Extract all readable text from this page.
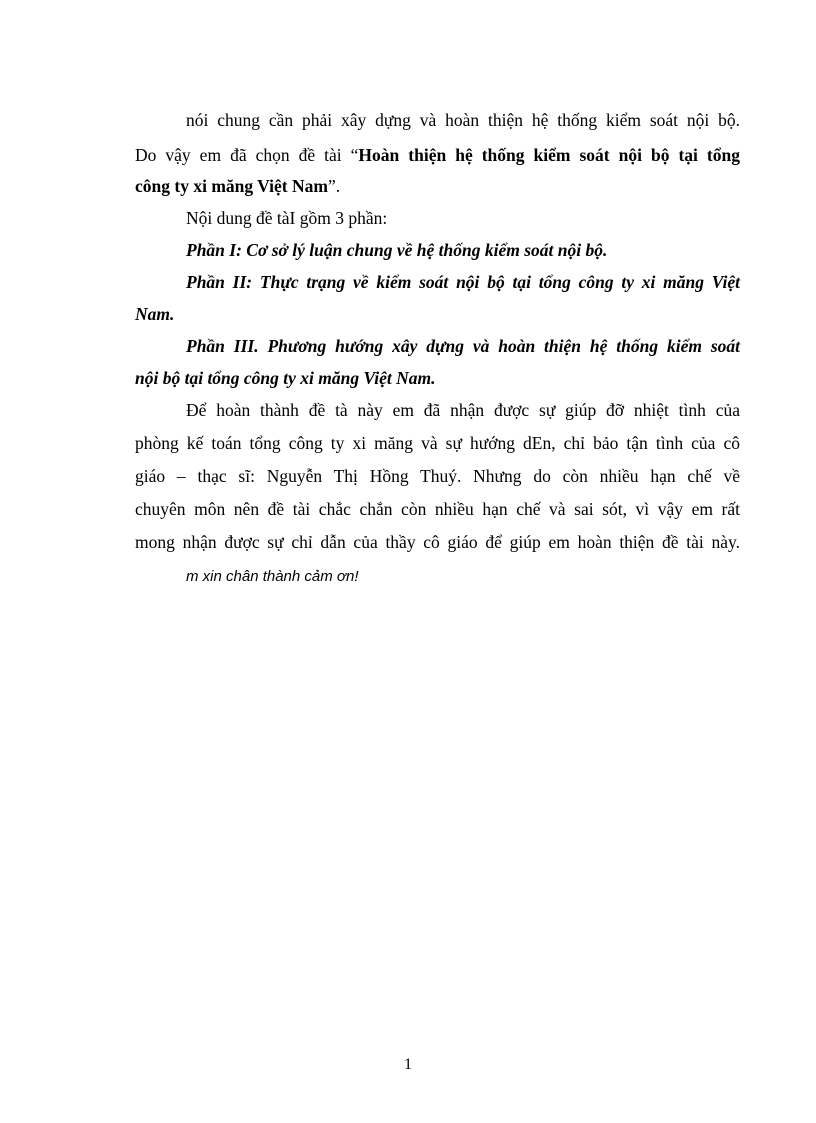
nói chung cần phải xây dựng và hoàn thiện hệ thống kiểm soát nội bộ.
Do vậy em đã chọn đề tài “Hoàn thiện hệ thống kiểm soát nội bộ tại tổng
công ty xi măng Việt Nam”.
Nội dung đề tàI gồm 3 phần:
Phần I: Cơ sở lý luận chung về hệ thống kiểm soát nội bộ.
Phần II: Thực trạng về kiểm soát nội bộ tại tổng công ty xi măng Việt
Nam.
Phần III. Phương hướng xây dựng và hoàn thiện hệ thống kiểm soát
nội bộ tại tổng công ty xi măng Việt Nam.
Để hoàn thành đề tà này em đã nhận được sự giúp đỡ nhiệt tình của
phòng kế toán tổng công ty xi măng và sự hướng dEn, chỉ bảo tận tình của cô
giáo – thạc sĩ: Nguyễn Thị Hồng Thuý. Nhưng do còn nhiều hạn chế về
chuyên môn nên đề tài chắc chắn còn nhiều hạn chế và sai sót, vì vậy em rất
mong nhận được sự chỉ dẫn của thầy cô giáo để giúp em hoàn thiện đề tài này.
m xin chân thành cảm ơn!
1
